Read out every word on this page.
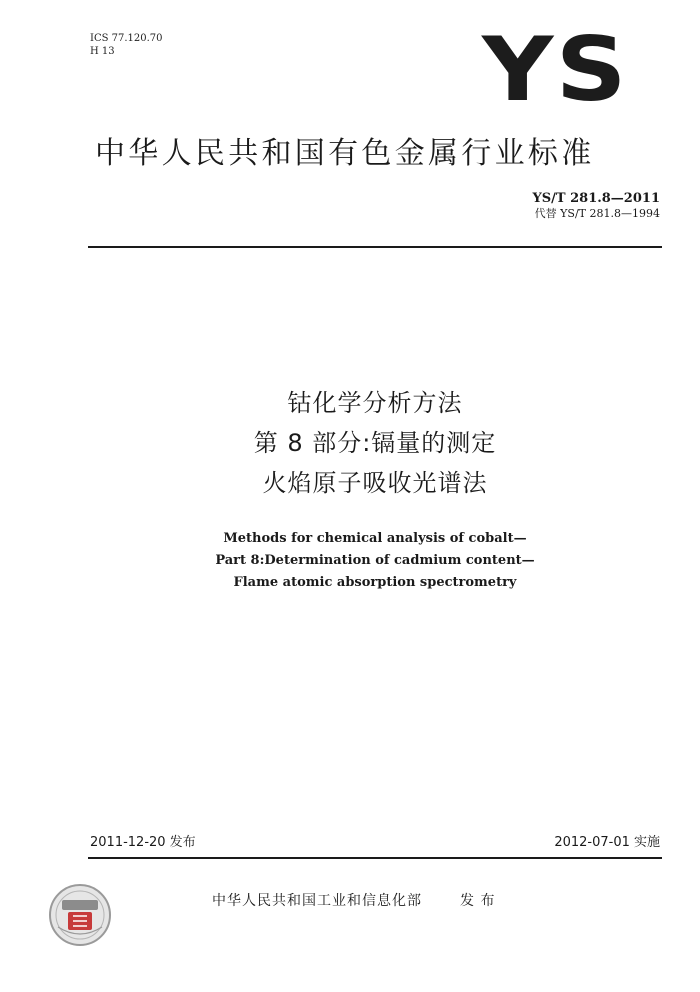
ICS 77.120.70
H 13	YS
中华人民共和国有色金属行业标准
YS/T 281.8—2011
代替 YS/T 281.8—1994
钴化学分析方法
第 8 部分:镉量的测定
火焰原子吸收光谱法
Methods for chemical analysis of cobalt—
Part 8:Determination of cadmium content—
Flame atomic absorption spectrometry
2011-12-20 发布	2012-07-01 实施
中华人民共和国工业和信息化部	发 布
